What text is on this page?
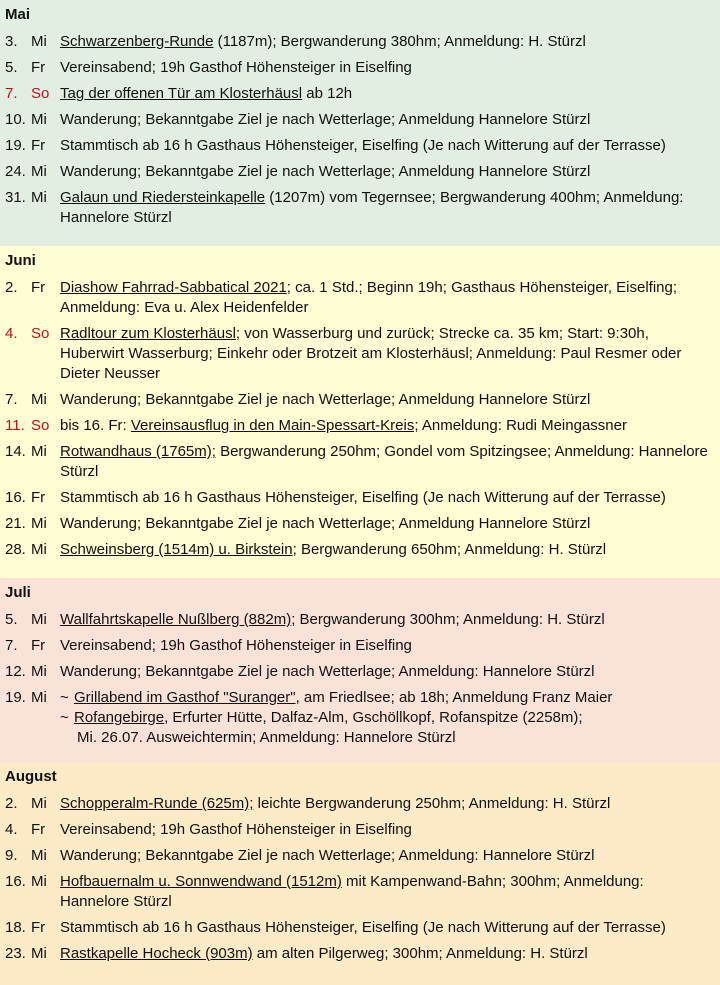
Mai
3. Mi Schwarzenberg-Runde (1187m); Bergwanderung 380hm; Anmeldung: H. Stürzl
5. Fr Vereinsabend; 19h Gasthof Höhensteiger in Eiselfing
7. So Tag der offenen Tür am Klosterhäusl ab 12h
10. Mi Wanderung; Bekanntgabe Ziel je nach Wetterlage; Anmeldung Hannelore Stürzl
19. Fr Stammtisch ab 16 h Gasthaus Höhensteiger, Eiselfing (Je nach Witterung auf der Terrasse)
24. Mi Wanderung; Bekanntgabe Ziel je nach Wetterlage; Anmeldung Hannelore Stürzl
31. Mi Galaun und Riedersteinkapelle (1207m) vom Tegernsee; Bergwanderung 400hm; Anmeldung: Hannelore Stürzl
Juni
2. Fr Diashow Fahrrad-Sabbatical 2021; ca. 1 Std.; Beginn 19h; Gasthaus Höhensteiger, Eiselfing; Anmeldung: Eva u. Alex Heidenfelder
4. So Radltour zum Klosterhäusl; von Wasserburg und zurück; Strecke ca. 35 km; Start: 9:30h, Huberwirt Wasserburg; Einkehr oder Brotzeit am Klosterhäusl; Anmeldung: Paul Resmer oder Dieter Neusser
7. Mi Wanderung; Bekanntgabe Ziel je nach Wetterlage; Anmeldung Hannelore Stürzl
11. So bis 16. Fr: Vereinsausflug in den Main-Spessart-Kreis; Anmeldung: Rudi Meingassner
14. Mi Rotwandhaus (1765m); Bergwanderung 250hm; Gondel vom Spitzingsee; Anmeldung: Hannelore Stürzl
16. Fr Stammtisch ab 16 h Gasthaus Höhensteiger, Eiselfing (Je nach Witterung auf der Terrasse)
21. Mi Wanderung; Bekanntgabe Ziel je nach Wetterlage; Anmeldung Hannelore Stürzl
28. Mi Schweinsberg (1514m) u. Birkstein; Bergwanderung 650hm; Anmeldung: H. Stürzl
Juli
5. Mi Wallfahrtskapelle Nußlberg (882m); Bergwanderung 300hm; Anmeldung: H. Stürzl
7. Fr Vereinsabend; 19h Gasthof Höhensteiger in Eiselfing
12. Mi Wanderung; Bekanntgabe Ziel je nach Wetterlage; Anmeldung: Hannelore Stürzl
19. Mi ~ Grillabend im Gasthof "Suranger", am Friedlsee; ab 18h; Anmeldung Franz Maier
~ Rofangebirge, Erfurter Hütte, Dalfaz-Alm, Gschöllkopf, Rofanspitze (2258m);
Mi. 26.07. Ausweichtermin; Anmeldung: Hannelore Stürzl
August
2. Mi Schopperalm-Runde (625m); leichte Bergwanderung 250hm; Anmeldung: H. Stürzl
4. Fr Vereinsabend; 19h Gasthof Höhensteiger in Eiselfing
9. Mi Wanderung; Bekanntgabe Ziel je nach Wetterlage; Anmeldung: Hannelore Stürzl
16. Mi Hofbauernalm u. Sonnwendwand (1512m) mit Kampenwand-Bahn; 300hm; Anmeldung: Hannelore Stürzl
18. Fr Stammtisch ab 16 h Gasthaus Höhensteiger, Eiselfing (Je nach Witterung auf der Terrasse)
23. Mi Rastkapelle Hocheck (903m) am alten Pilgerweg; 300hm; Anmeldung: H. Stürzl
